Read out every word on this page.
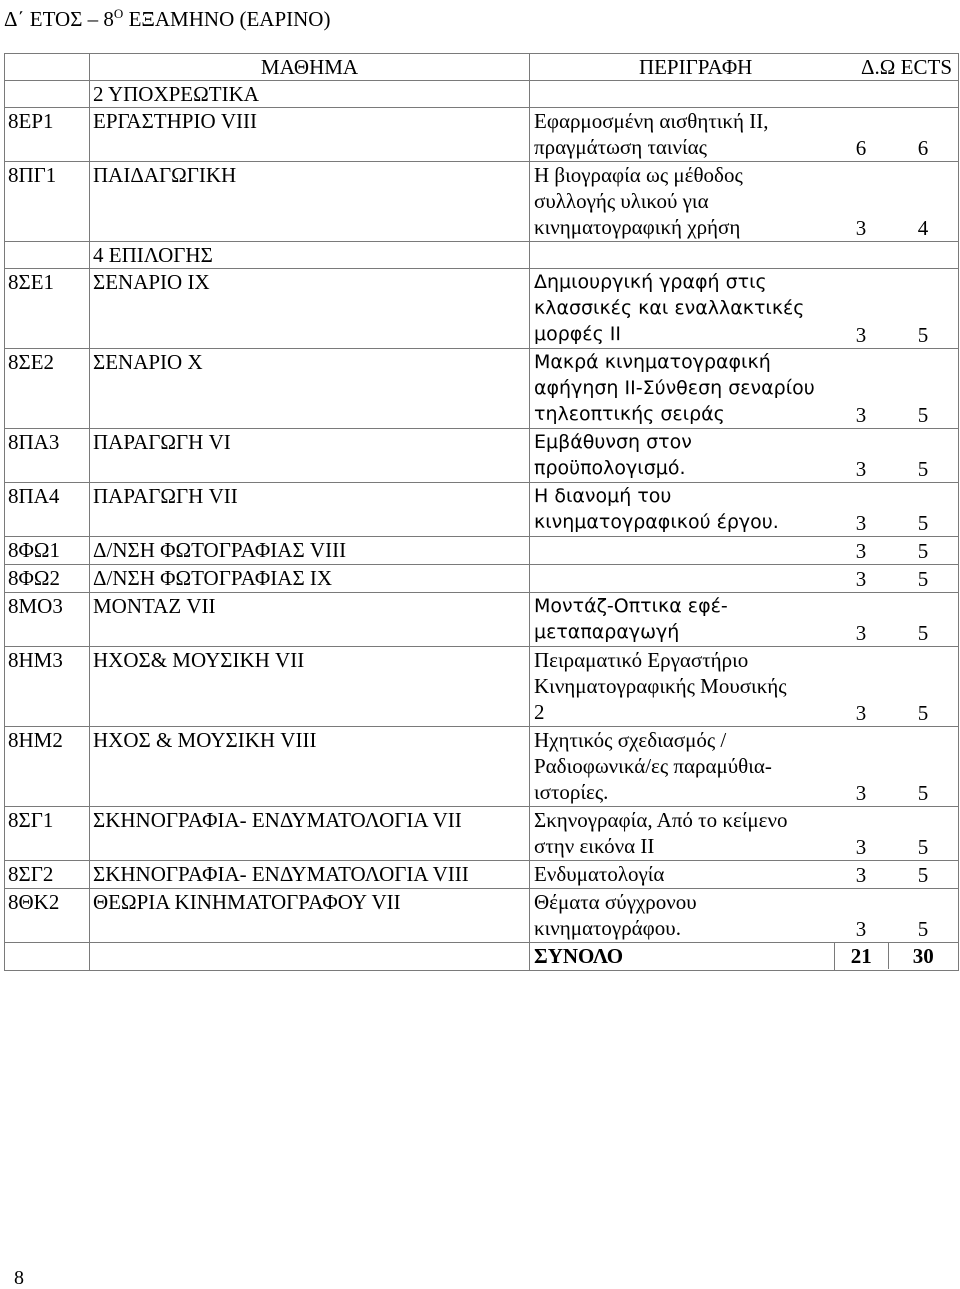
Δ΄ ΕΤΟΣ – $8^O$ ΕΞΑΜΗΝΟ (ΕΑΡΙΝΟ)
	ΜΑΘΗΜΑ	ΠΕΡΙΓΡΑΦΗ Δ.Ω ECTS	

	2 ΥΠΟΧΡΕΩΤΙΚΑ		
8ΕΡ1	ΕΡΓΑΣΤΗΡΙΟ VIII	Εφαρμοσμένη αισθητική ΙΙ,
πραγμάτωση ταινίας 6 6	

8ΠΓ1	ΠΑΙΔΑΓΩΓΙΚΗ	Η βιογραφία ως μέθοδος
συλλογής υλικού για
κινηματογραφική χρήση 3 4	

	4 ΕΠΙΛΟΓΗΣ		
8ΣΕ1	ΣΕΝΑΡΙΟ IX	Δημιουργική γραφή στις
κλασσικές και εναλλακτικές
μορφές ΙΙ 3 5	

8ΣΕ2	ΣΕΝΑΡΙΟ X	Μακρά κινηματογραφική
αφήγηση ΙΙ-Σύνθεση σεναρίου
τηλεοπτικής σειράς 3 5	

8ΠΑ3	ΠΑΡΑΓΩΓΗ VI	Εμβάθυνση στον
προϋπολογισμό. 3 5	

8ΠΑ4	ΠΑΡΑΓΩΓΗ VII	Η διανομή του
κινηματογραφικού έργου. 3 5	

8ΦΩ1	Δ/ΝΣΗ ΦΩΤΟΓΡΑΦΙΑΣ VIII	3 5	

8ΦΩ2	Δ/ΝΣΗ ΦΩΤΟΓΡΑΦΙΑΣ IX	3 5	

8ΜΟ3	ΜΟΝΤΑΖ VII	Μοντάζ-Οπτικα εφέ-
μεταπαραγωγή 3 5	

8ΗΜ3	ΗΧΟΣ& ΜΟΥΣΙΚΗ VII	Πειραματικό Εργαστήριο
Κινηματογραφικής Μουσικής
2 3 5	

8ΗΜ2	ΗΧΟΣ & ΜΟΥΣΙΚΗ VIII	Ηχητικός σχεδιασμός /
Ραδιοφωνικά/ες παραμύθια-
ιστορίες. 3 5	

8ΣΓ1	ΣΚΗΝΟΓΡΑΦΙΑ- ΕΝΔΥΜΑΤΟΛΟΓΙΑ VII	Σκηνογραφία, Από το κείμενο
στην εικόνα ΙΙ 3 5	

8ΣΓ2	ΣΚΗΝΟΓΡΑΦΙΑ- ΕΝΔΥΜΑΤΟΛΟΓΙΑ VIII	Ενδυματολογία 3 5	

8ΘΚ2	ΘΕΩΡΙΑ ΚΙΝΗΜΑΤΟΓΡΑΦΟΥ VII	Θέματα σύγχρονου
κινηματογράφου. 3 5	

		ΣΥΝΟΛΟ	21 30
8
